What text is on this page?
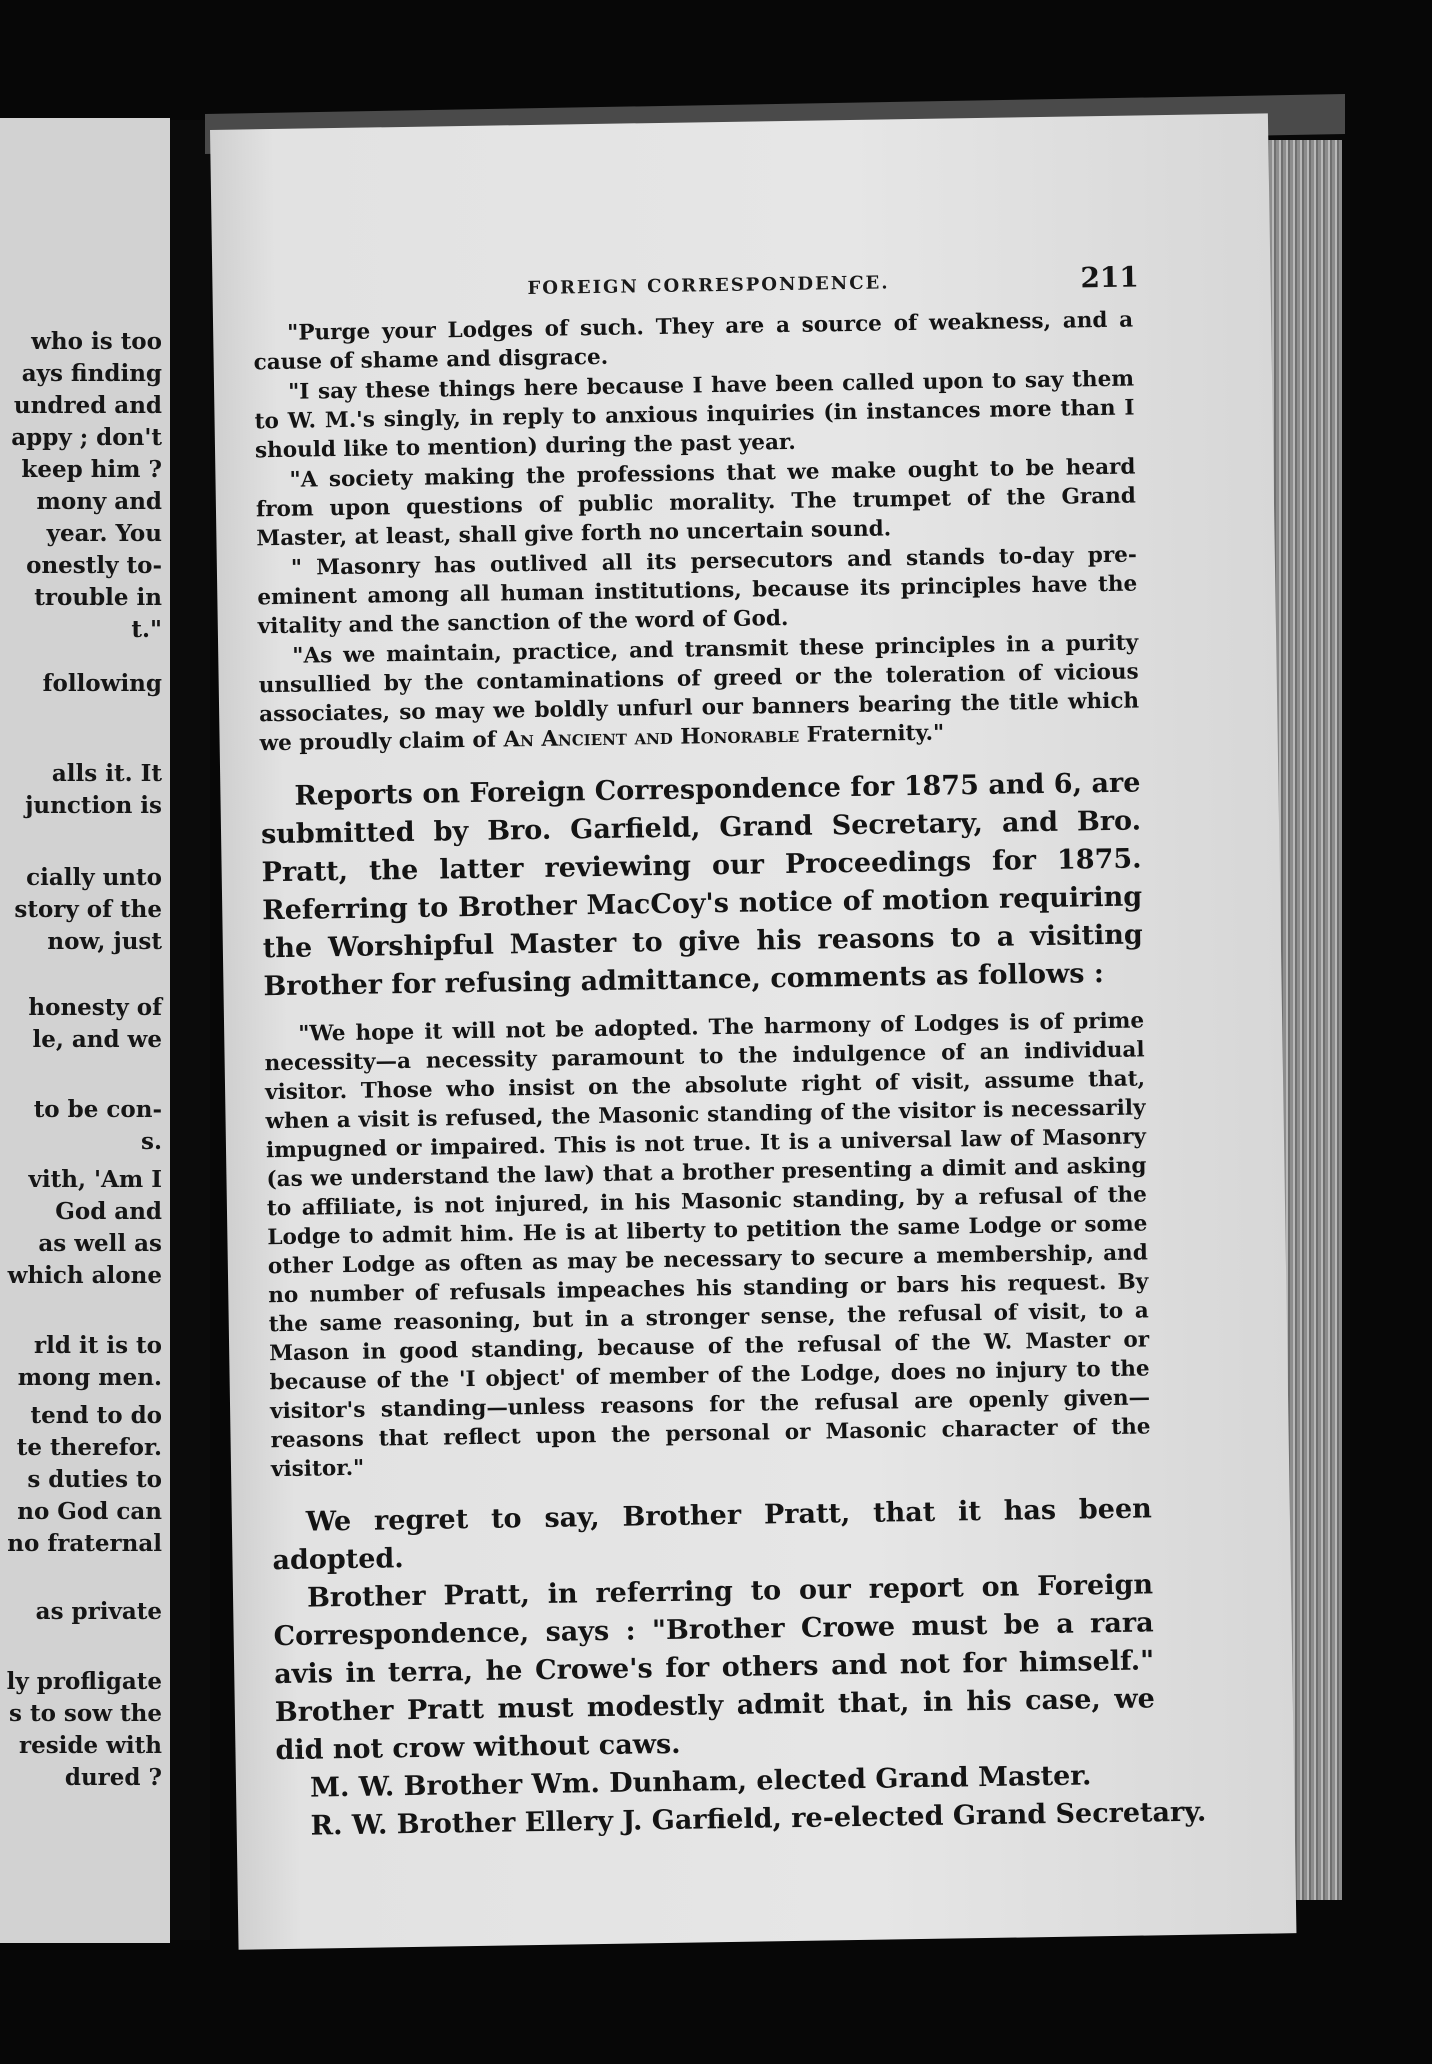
who is too
ays finding
undred and
appy ; don't
keep him ?
mony and
year. You
onestly to-
trouble in
t."
following
alls it. It
junction is
cially unto
story of the
now, just
honesty of
le, and we
to be con-
s.
vith, 'Am I
God and
as well as
which alone
rld it is to
mong men.
tend to do
te therefor.
s duties to
no God can
no fraternal
as private
ly profligate
s to sow the
reside with
dured ?
FOREIGN CORRESPONDENCE.	211

"Purge your Lodges of such. They are a source of weakness, and a cause of shame and disgrace.

"I say these things here because I have been called upon to say them to W. M.'s singly, in reply to anxious inquiries (in instances more than I should like to mention) during the past year.

"A society making the professions that we make ought to be heard from upon questions of public morality. The trumpet of the Grand Master, at least, shall give forth no uncertain sound.

" Masonry has outlived all its persecutors and stands to-day pre-eminent among all human institutions, because its principles have the vitality and the sanction of the word of God.

"As we maintain, practice, and transmit these principles in a purity unsullied by the contaminations of greed or the toleration of vicious associates, so may we boldly unfurl our banners bearing the title which we proudly claim of An Ancient and Honorable Fraternity."

Reports on Foreign Correspondence for 1875 and 6, are submitted by Bro. Garfield, Grand Secretary, and Bro. Pratt, the latter reviewing our Proceedings for 1875. Referring to Brother MacCoy's notice of motion requiring the Worshipful Master to give his reasons to a visiting Brother for refusing admittance, comments as follows :

"We hope it will not be adopted. The harmony of Lodges is of prime necessity—a necessity paramount to the indulgence of an individual visitor. Those who insist on the absolute right of visit, assume that, when a visit is refused, the Masonic standing of the visitor is necessarily impugned or impaired. This is not true. It is a universal law of Masonry (as we understand the law) that a brother presenting a dimit and asking to affiliate, is not injured, in his Masonic standing, by a refusal of the Lodge to admit him. He is at liberty to petition the same Lodge or some other Lodge as often as may be necessary to secure a membership, and no number of refusals impeaches his standing or bars his request. By the same reasoning, but in a stronger sense, the refusal of visit, to a Mason in good standing, because of the refusal of the W. Master or because of the 'I object' of member of the Lodge, does no injury to the visitor's standing—unless reasons for the refusal are openly given—reasons that reflect upon the personal or Masonic character of the visitor."

We regret to say, Brother Pratt, that it has been adopted.

Brother Pratt, in referring to our report on Foreign Correspondence, says : "Brother Crowe must be a rara avis in terra, he Crowe's for others and not for himself." Brother Pratt must modestly admit that, in his case, we did not crow without caws.

M. W. Brother Wm. Dunham, elected Grand Master.

R. W. Brother Ellery J. Garfield, re-elected Grand Secretary.
